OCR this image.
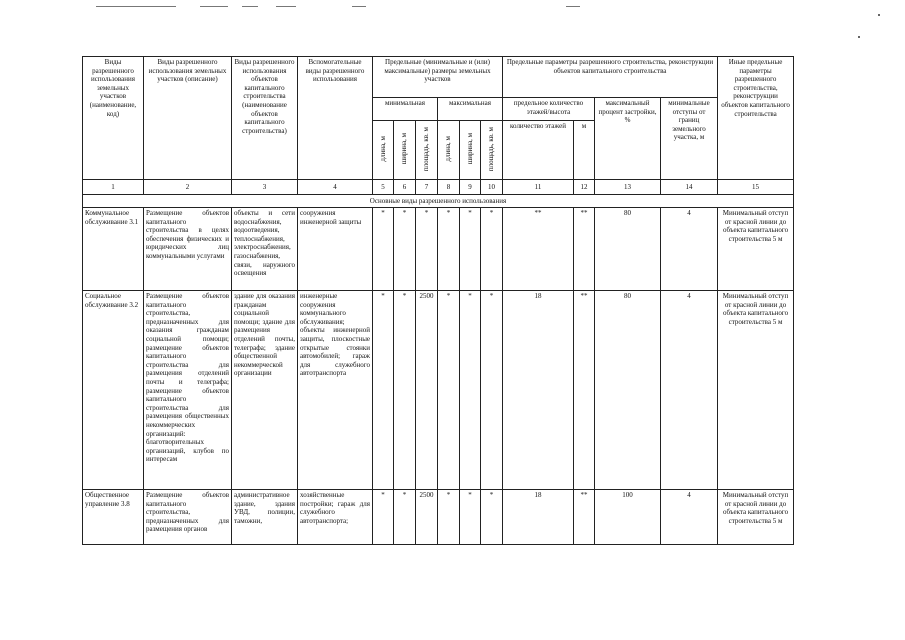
Виды разрешенного использования земельных участков (наименование, код)	Виды разрешенного использования земельных участков (описание)	Виды разрешенного использования объектов капитального строительства (наименование объектов капитального строительства)	Вспомогательные виды разрешенного использования	Предельные (минимальные и (или) максимальные) размеры земельных участков						Предельные параметры разрешенного строительства, реконструкции объектов капитального строительства				Иные предельные параметры разрешенного строительства, реконструкции объектов капитального строительства
				минимальная			максимальная			предельное количество этажей/высота		максимальный процент застройки, %	минимальные отступы от границ земельного участка, м	
				длина, м	ширина, м	площадь, кв. м	длина, м	ширина, м	площадь, кв. м	количество этажей	м			
1	2	3	4	5	6	7	8	9	10	11	12	13	14	15
Основные виды разрешенного использования														
Коммунальное обслуживание 3.1	Размещение объектов капитального строительства в целях обеспечения физических и юридических лиц коммунальными услугами	объекты и сети водоснабжения, водоотведения, теплоснабжения, электроснабжения, газоснабжения, связи, наружного освещения	сооружения инженерной защиты	*	*	*	*	*	*	**	**	80	4	Минимальный отступ от красной линии до объекта капитального строительства 5 м
Социальное обслуживание 3.2	Размещение объектов капитального строительства, предназначенных для оказания гражданам социальной помощи; размещение объектов капитального строительства для размещения отделений почты и телеграфа; размещение объектов капитального строительства для размещения общественных некоммерческих организаций: благотворительных организаций, клубов по интересам	здание для оказания гражданам социальной помощи; здание для размещения отделений почты, телеграфа; здание общественной некоммерческой организации	инженерные сооружения коммунального обслуживания; объекты инженерной защиты, плоскостные открытые стоянки автомобилей; гараж для служебного автотранспорта	*	*	2500	*	*	*	18	**	80	4	Минимальный отступ от красной линии до объекта капитального строительства 5 м
Общественное управление 3.8	Размещение объектов капитального строительства, предназначенных для размещения органов	административное здание, здания УВД, полиции, таможни,	хозяйственные постройки; гараж для служебного автотранспорта;	*	*	2500	*	*	*	18	**	100	4	Минимальный отступ от красной линии до объекта капитального строительства 5 м
